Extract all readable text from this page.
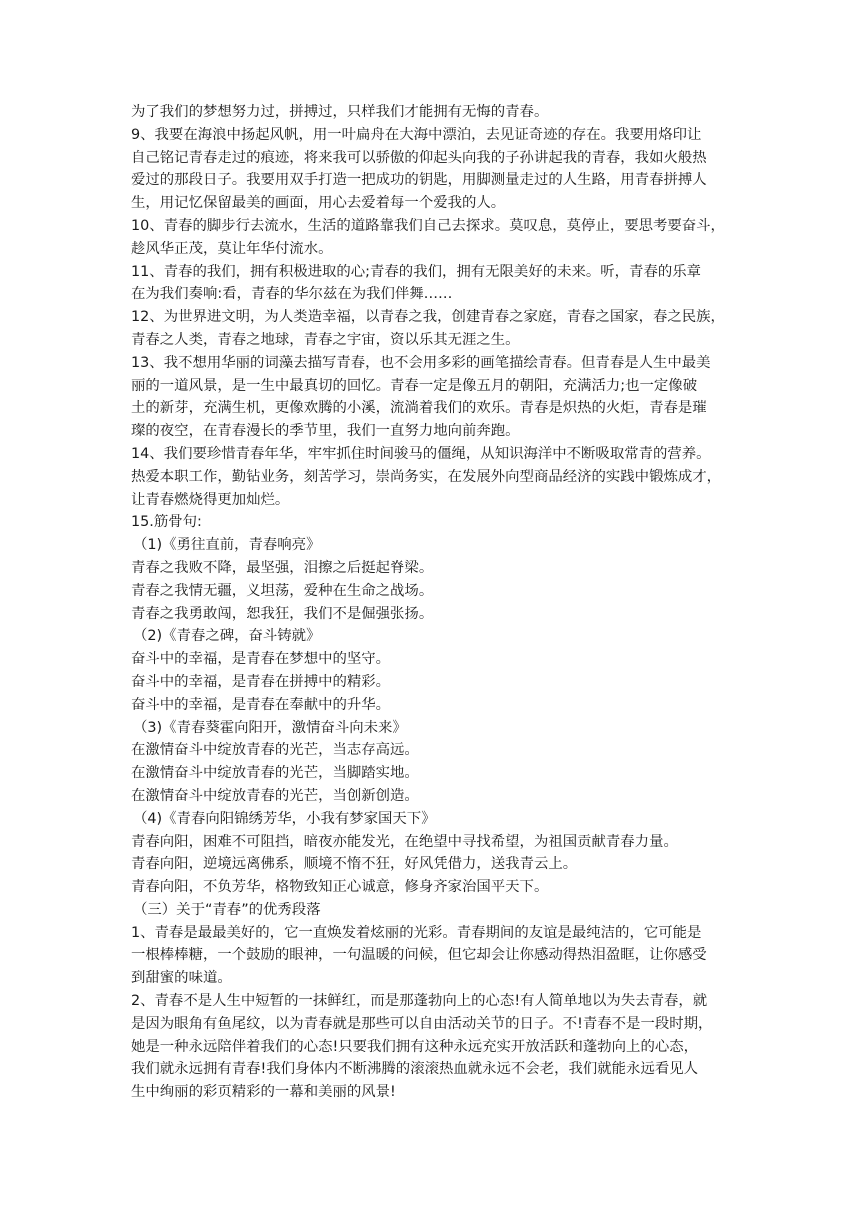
为了我们的梦想努力过，拼搏过，只样我们才能拥有无悔的青春。
9、我要在海浪中扬起风帆，用一叶扁舟在大海中漂泊，去见证奇迹的存在。我要用烙印让
自己铭记青春走过的痕迹，将来我可以骄傲的仰起头向我的子孙讲起我的青春，我如火般热
爱过的那段日子。我要用双手打造一把成功的钥匙，用脚测量走过的人生路，用青春拼搏人
生，用记忆保留最美的画面，用心去爱着每一个爱我的人。
10、青春的脚步行去流水，生活的道路靠我们自己去探求。莫叹息，莫停止，要思考要奋斗，
趁风华正茂，莫让年华付流水。
11、青春的我们，拥有积极进取的心;青春的我们，拥有无限美好的未来。听，青春的乐章
在为我们奏响:看，青春的华尔兹在为我们伴舞……
12、为世界进文明，为人类造幸福，以青春之我，创建青春之家庭，青春之国家，春之民族，
青春之人类，青春之地球，青春之宇宙，资以乐其无涯之生。
13、我不想用华丽的词藻去描写青春，也不会用多彩的画笔描绘青春。但青春是人生中最美
丽的一道风景，是一生中最真切的回忆。青春一定是像五月的朝阳，充满活力;也一定像破
土的新芽，充满生机，更像欢腾的小溪，流淌着我们的欢乐。青春是炽热的火炬，青春是璀
璨的夜空，在青春漫长的季节里，我们一直努力地向前奔跑。
14、我们要珍惜青春年华，牢牢抓住时间骏马的僵绳，从知识海洋中不断吸取常青的营养。
热爱本职工作，勤钻业务，刻苦学习，崇尚务实，在发展外向型商品经济的实践中锻炼成才，
让青春燃烧得更加灿烂。
15.筋骨句:
（1)《勇往直前，青春响亮》
青春之我败不降，最坚强，泪擦之后挺起脊梁。
青春之我情无疆，义坦荡，爱种在生命之战场。
青春之我勇敢闯，恕我狂，我们不是倔强张扬。
（2)《青春之碑，奋斗铸就》
奋斗中的幸福，是青春在梦想中的坚守。
奋斗中的幸福，是青春在拼搏中的精彩。
奋斗中的幸福，是青春在奉献中的升华。
（3)《青春葵霍向阳开，激情奋斗向未来》
在激情奋斗中绽放青春的光芒，当志存高远。
在激情奋斗中绽放青春的光芒，当脚踏实地。
在激情奋斗中绽放青春的光芒，当创新创造。
（4)《青春向阳锦绣芳华，小我有梦家国天下》
青春向阳，困难不可阻挡，暗夜亦能发光，在绝望中寻找希望，为祖国贡献青春力量。
青春向阳，逆境远离佛系，顺境不惰不狂，好风凭借力，送我青云上。
青春向阳，不负芳华，格物致知正心诚意，修身齐家治国平天下。
（三）关于“青春”的优秀段落
1、青春是最最美好的，它一直焕发着炫丽的光彩。青春期间的友谊是最纯洁的，它可能是
一根棒棒糖，一个鼓励的眼神，一句温暖的问候，但它却会让你感动得热泪盈眶，让你感受
到甜蜜的味道。
2、青春不是人生中短暂的一抹鲜红，而是那蓬勃向上的心态!有人简单地以为失去青春，就
是因为眼角有鱼尾纹，以为青春就是那些可以自由活动关节的日子。不!青春不是一段时期，
她是一种永远陪伴着我们的心态!只要我们拥有这种永远充实开放活跃和蓬勃向上的心态，
我们就永远拥有青春!我们身体内不断沸腾的滚滚热血就永远不会老，我们就能永远看见人
生中绚丽的彩页精彩的一幕和美丽的风景!
